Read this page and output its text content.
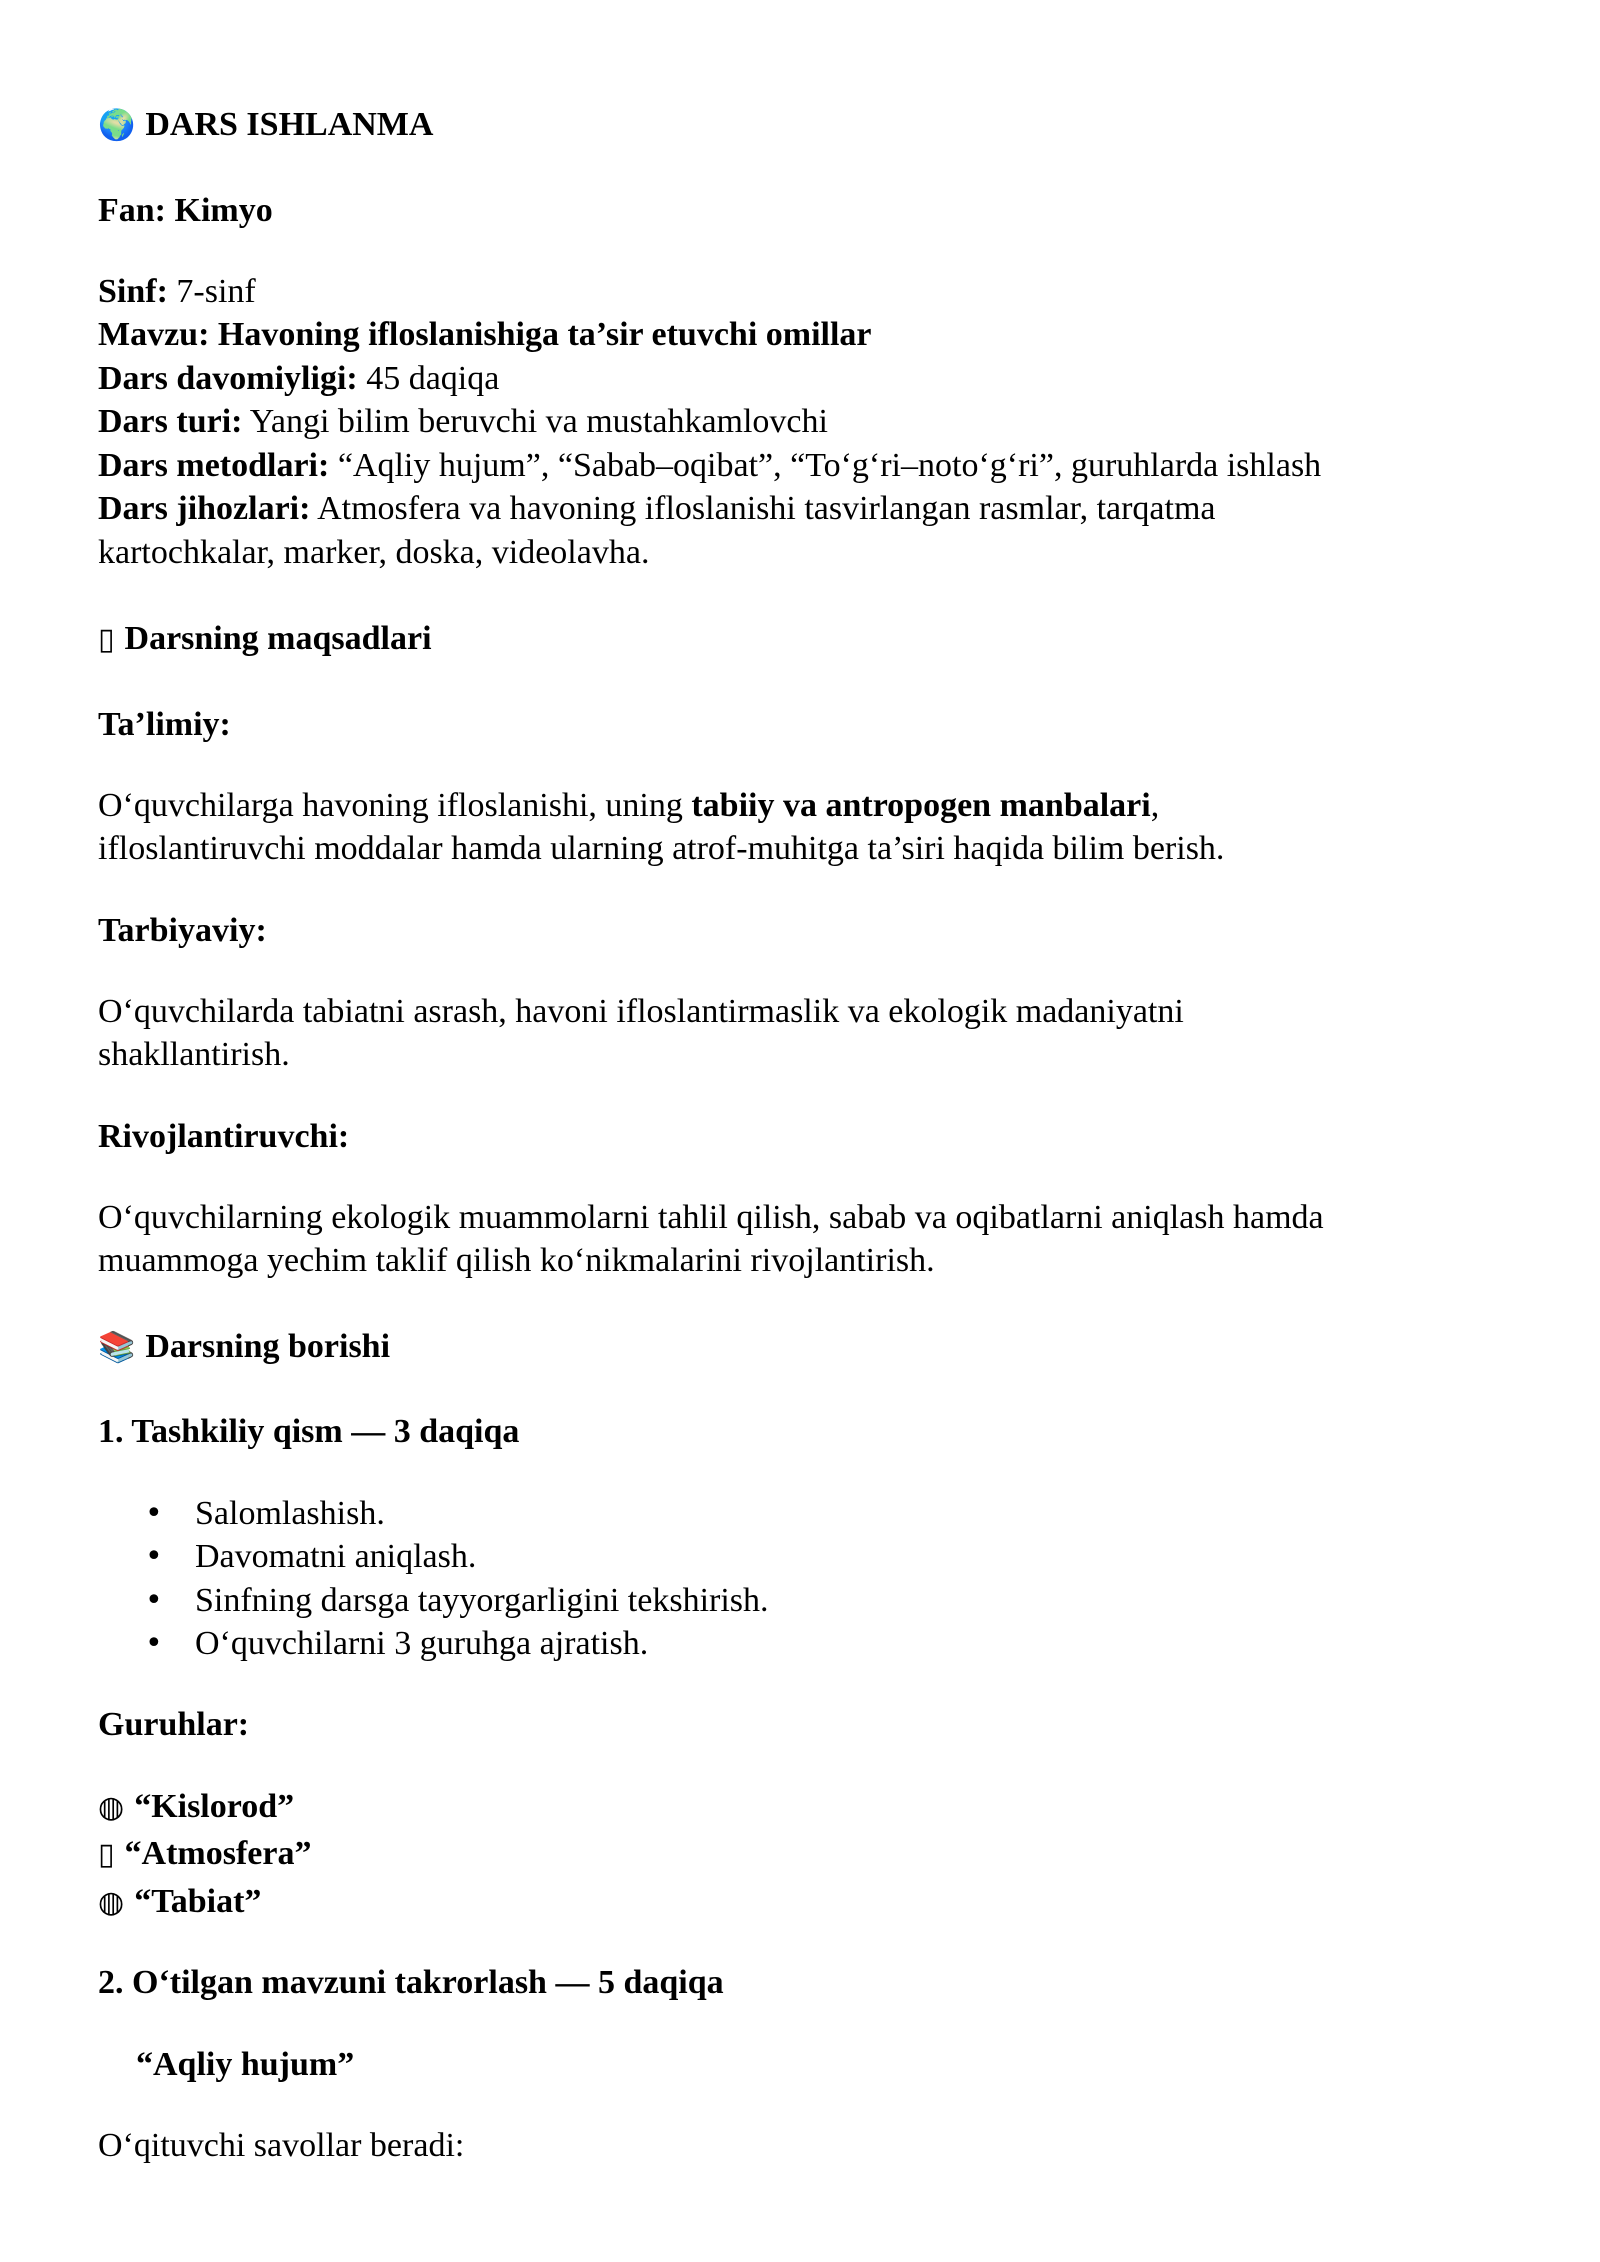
🌍 DARS ISHLANMA
Fan: Kimyo
Sinf: 7-sinf
Mavzu: Havoning ifloslanishiga ta’sir etuvchi omillar
Dars davomiyligi: 45 daqiqa
Dars turi: Yangi bilim beruvchi va mustahkamlovchi
Dars metodlari: “Aqliy hujum”, “Sabab–oqibat”, “To‘g‘ri–noto‘g‘ri”, guruhlarda ishlash
Dars jihozlari: Atmosfera va havoning ifloslanishi tasvirlangan rasmlar, tarqatma
kartochkalar, marker, doska, videolavha.
▯ Darsning maqsadlari
Ta’limiy:
O‘quvchilarga havoning ifloslanishi, uning tabiiy va antropogen manbalari,
ifloslantiruvchi moddalar hamda ularning atrof-muhitga ta’siri haqida bilim berish.
Tarbiyaviy:
O‘quvchilarda tabiatni asrash, havoni ifloslantirmaslik va ekologik madaniyatni
shakllantirish.
Rivojlantiruvchi:
O‘quvchilarning ekologik muammolarni tahlil qilish, sabab va oqibatlarni aniqlash hamda
muammoga yechim taklif qilish ko‘nikmalarini rivojlantirish.
📚 Darsning borishi
1. Tashkiliy qism — 3 daqiqa
• Salomlashish.
• Davomatni aniqlash.
• Sinfning darsga tayyorgarligini tekshirish.
• O‘quvchilarni 3 guruhga ajratish.
Guruhlar:
◍ “Kislorod”
▯ “Atmosfera”
◍ “Tabiat”
2. O‘tilgan mavzuni takrorlash — 5 daqiqa
“Aqliy hujum”
O‘qituvchi savollar beradi:
